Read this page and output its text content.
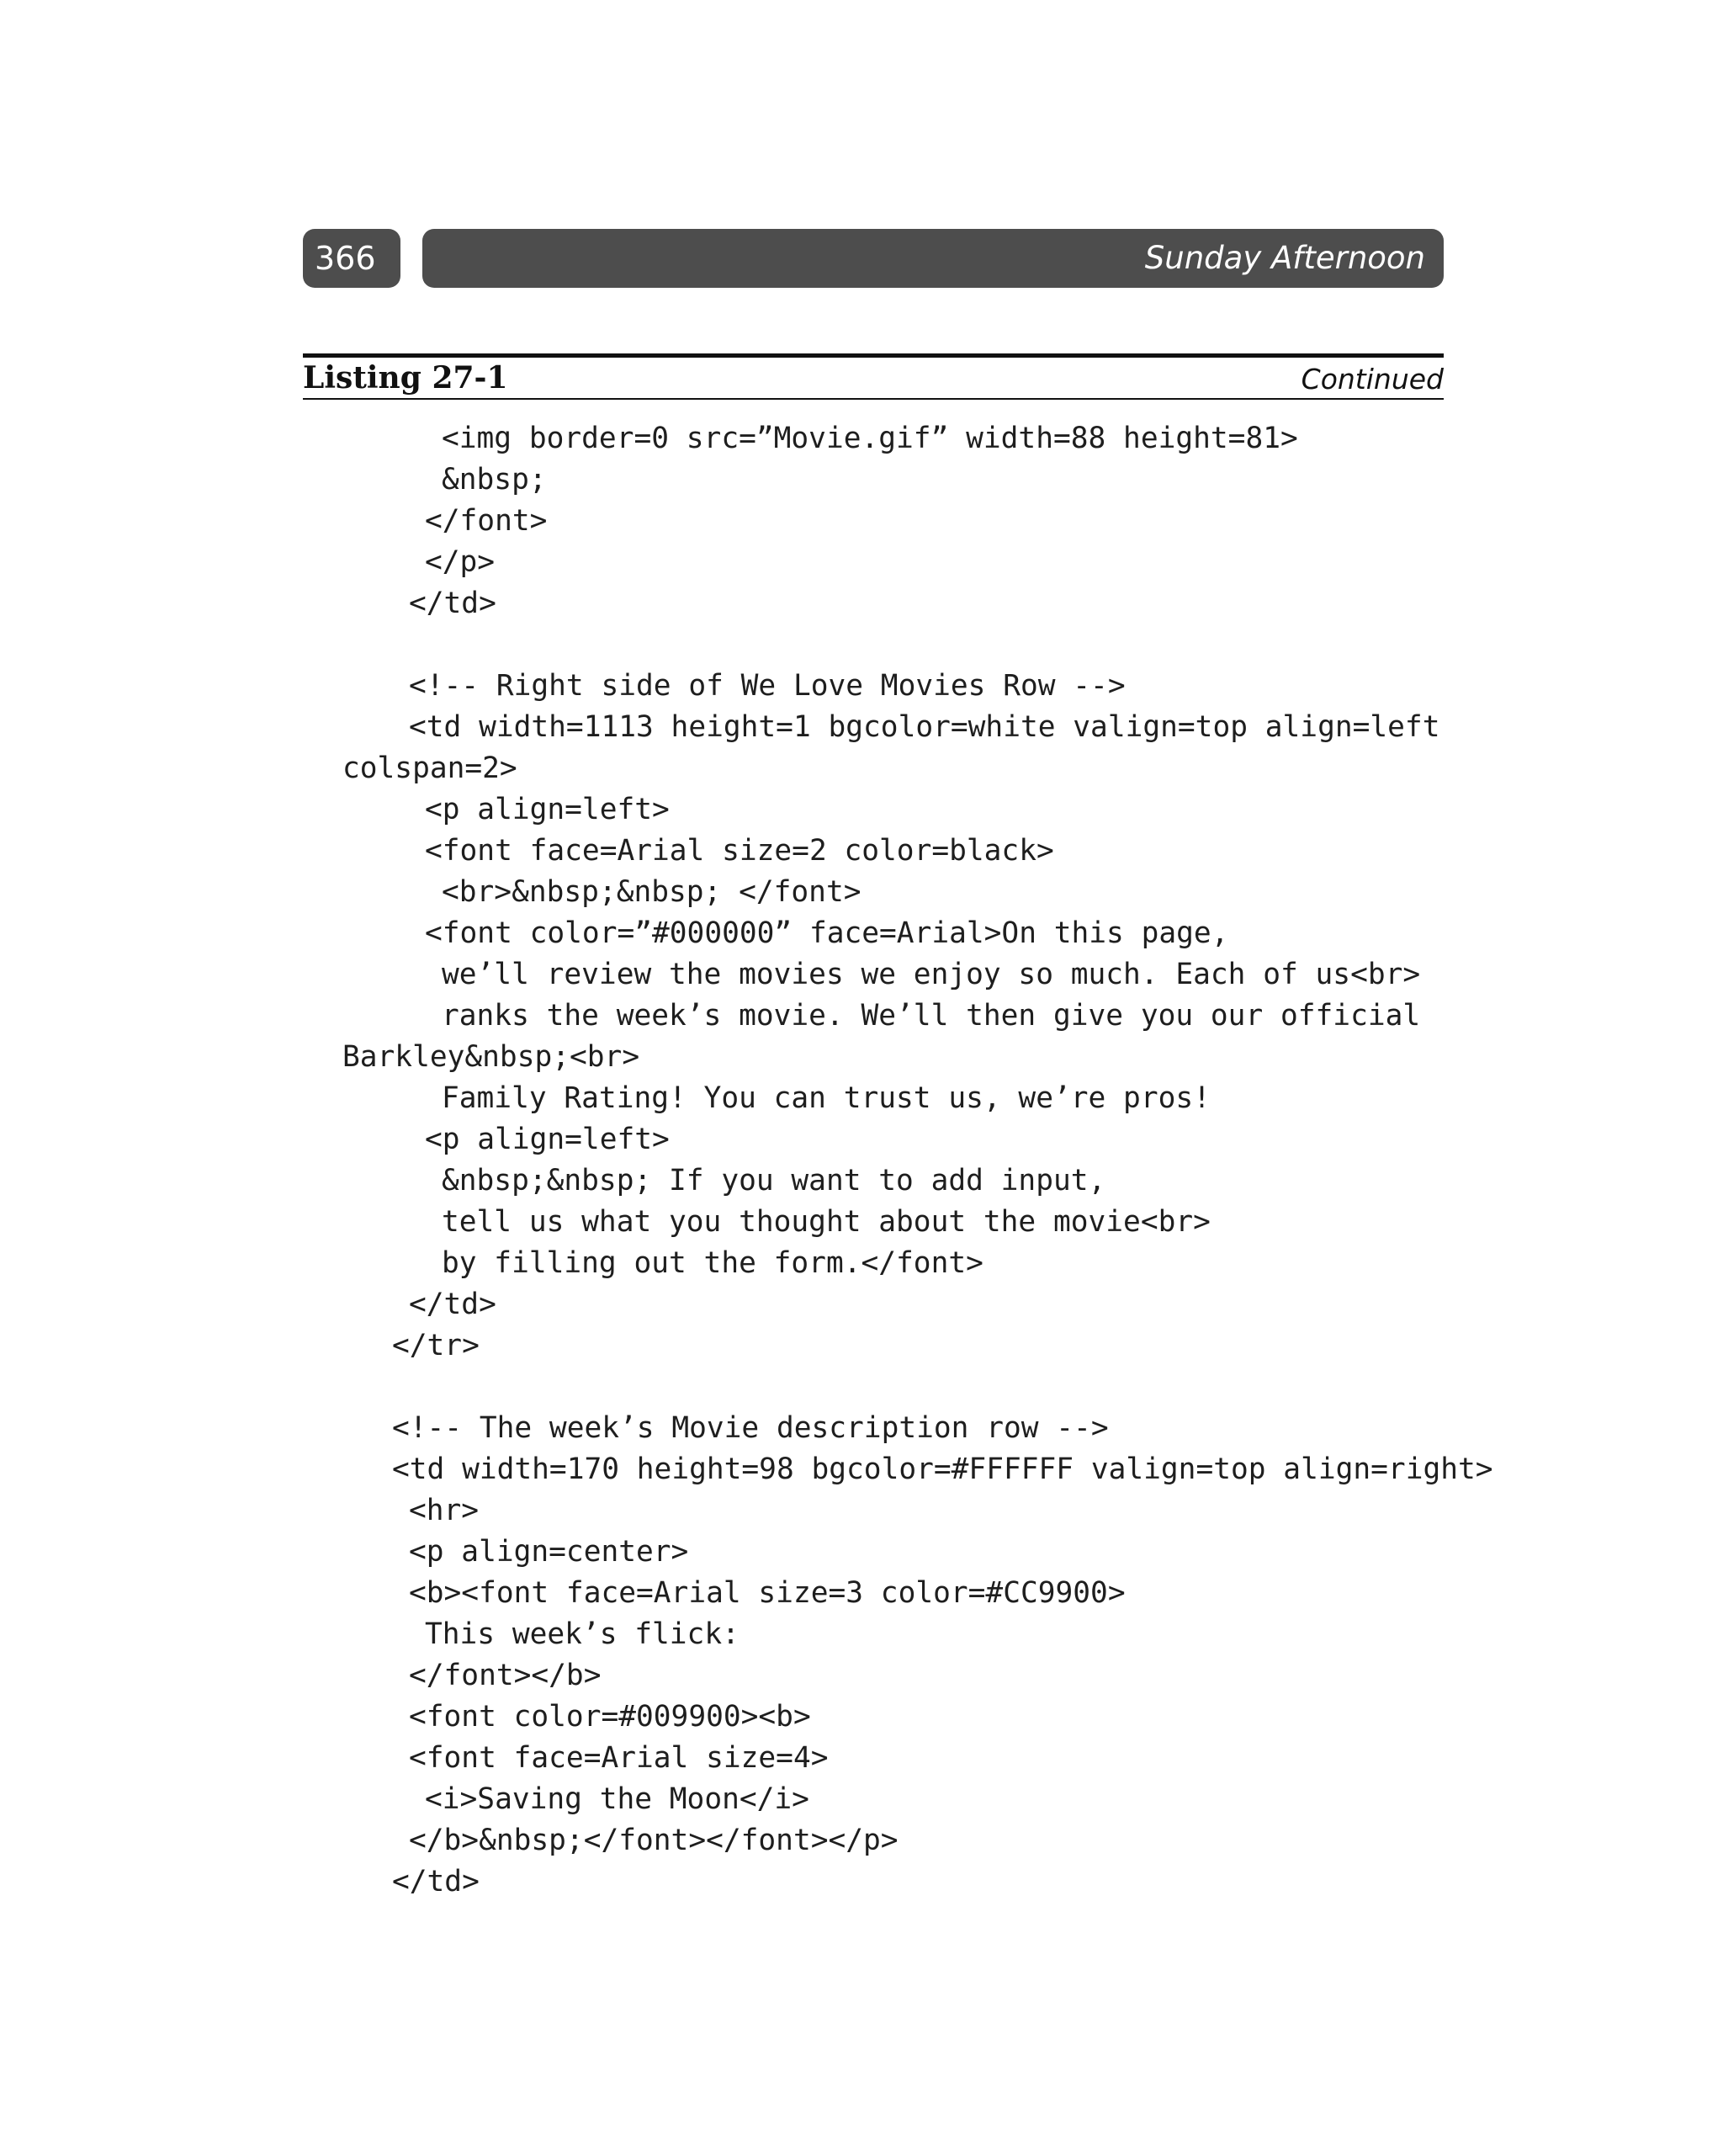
366	Sunday Afternoon
Listing 27-1	Continued
<img border=0 src=”Movie.gif” width=88 height=81>
&nbsp;
</font>
</p>
</td>
<!-- Right side of We Love Movies Row -->
<td width=1113 height=1 bgcolor=white valign=top align=left
colspan=2>
<p align=left>
<font face=Arial size=2 color=black>
<br>&nbsp;&nbsp; </font>
<font color=”#000000” face=Arial>On this page,
we’ll review the movies we enjoy so much. Each of us<br>
ranks the week’s movie. We’ll then give you our official
Barkley&nbsp;<br>
Family Rating! You can trust us, we’re pros!
<p align=left>
&nbsp;&nbsp; If you want to add input,
tell us what you thought about the movie<br>
by filling out the form.</font>
</td>
</tr>
<!-- The week’s Movie description row -->
<td width=170 height=98 bgcolor=#FFFFFF valign=top align=right>
<hr>
<p align=center>
<b><font face=Arial size=3 color=#CC9900>
This week’s flick:
</font></b>
<font color=#009900><b>
<font face=Arial size=4>
<i>Saving the Moon</i>
</b>&nbsp;</font></font></p>
</td>
